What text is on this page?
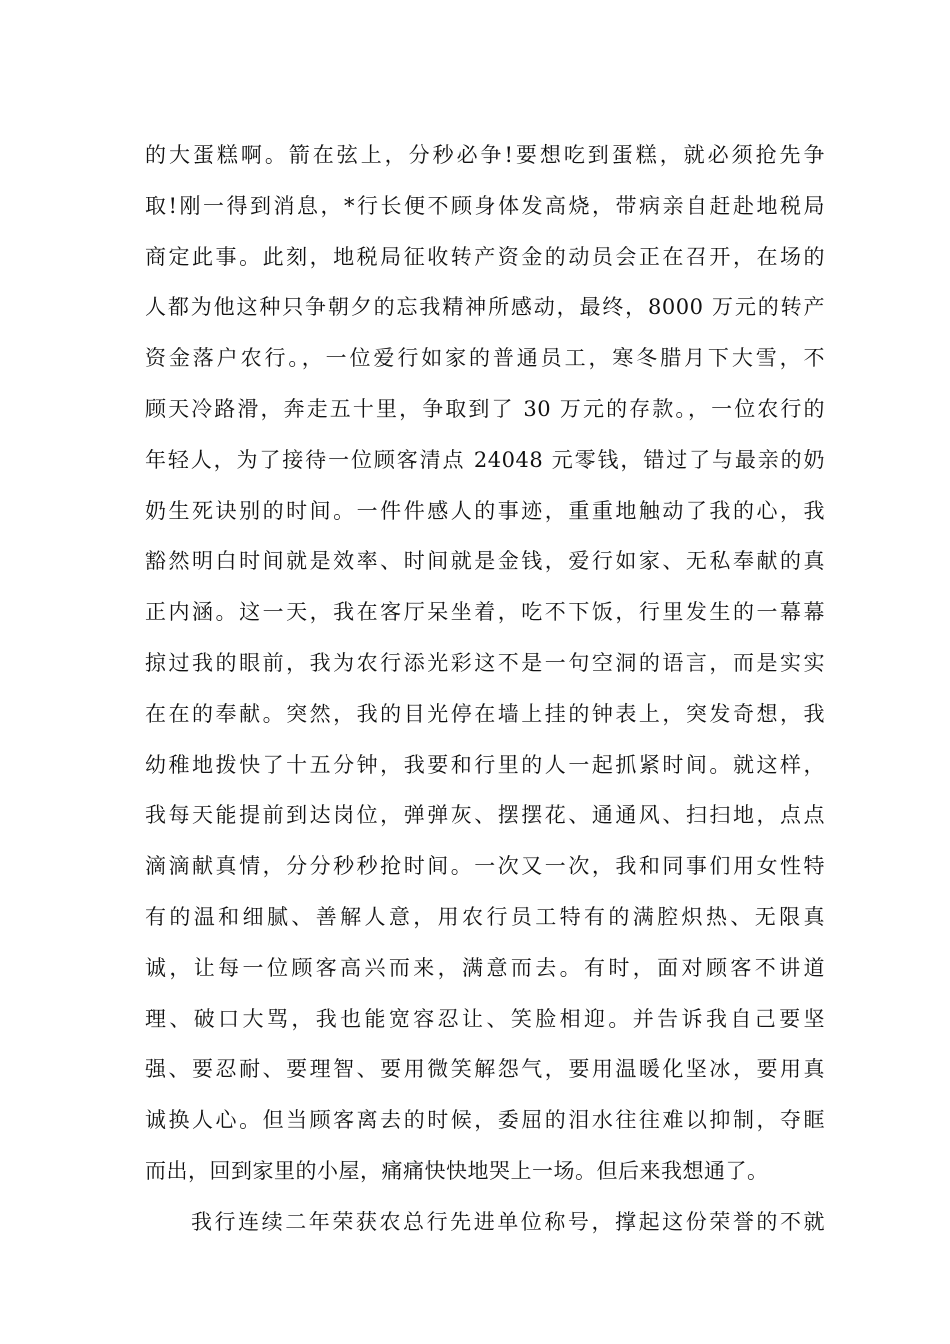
的大蛋糕啊。箭在弦上，分秒必争!要想吃到蛋糕，就必须抢先争
取!刚一得到消息，*行长便不顾身体发高烧，带病亲自赶赴地税局
商定此事。此刻，地税局征收转产资金的动员会正在召开，在场的
人都为他这种只争朝夕的忘我精神所感动，最终，8000 万元的转产
资金落户农行。，一位爱行如家的普通员工，寒冬腊月下大雪，不
顾天冷路滑，奔走五十里，争取到了 30 万元的存款。，一位农行的
年轻人，为了接待一位顾客清点 24048 元零钱，错过了与最亲的奶
奶生死诀别的时间。一件件感人的事迹，重重地触动了我的心，我
豁然明白时间就是效率、时间就是金钱，爱行如家、无私奉献的真
正内涵。这一天，我在客厅呆坐着，吃不下饭，行里发生的一幕幕
掠过我的眼前，我为农行添光彩这不是一句空洞的语言，而是实实
在在的奉献。突然，我的目光停在墙上挂的钟表上，突发奇想，我
幼稚地拨快了十五分钟，我要和行里的人一起抓紧时间。就这样，
我每天能提前到达岗位，弹弹灰、摆摆花、通通风、扫扫地，点点
滴滴献真情，分分秒秒抢时间。一次又一次，我和同事们用女性特
有的温和细腻、善解人意，用农行员工特有的满腔炽热、无限真
诚，让每一位顾客高兴而来，满意而去。有时，面对顾客不讲道
理、破口大骂，我也能宽容忍让、笑脸相迎。并告诉我自己要坚
强、要忍耐、要理智、要用微笑解怨气，要用温暖化坚冰，要用真
诚换人心。但当顾客离去的时候，委屈的泪水往往难以抑制，夺眶
而出，回到家里的小屋，痛痛快快地哭上一场。但后来我想通了。
我行连续二年荣获农总行先进单位称号，撑起这份荣誉的不就
